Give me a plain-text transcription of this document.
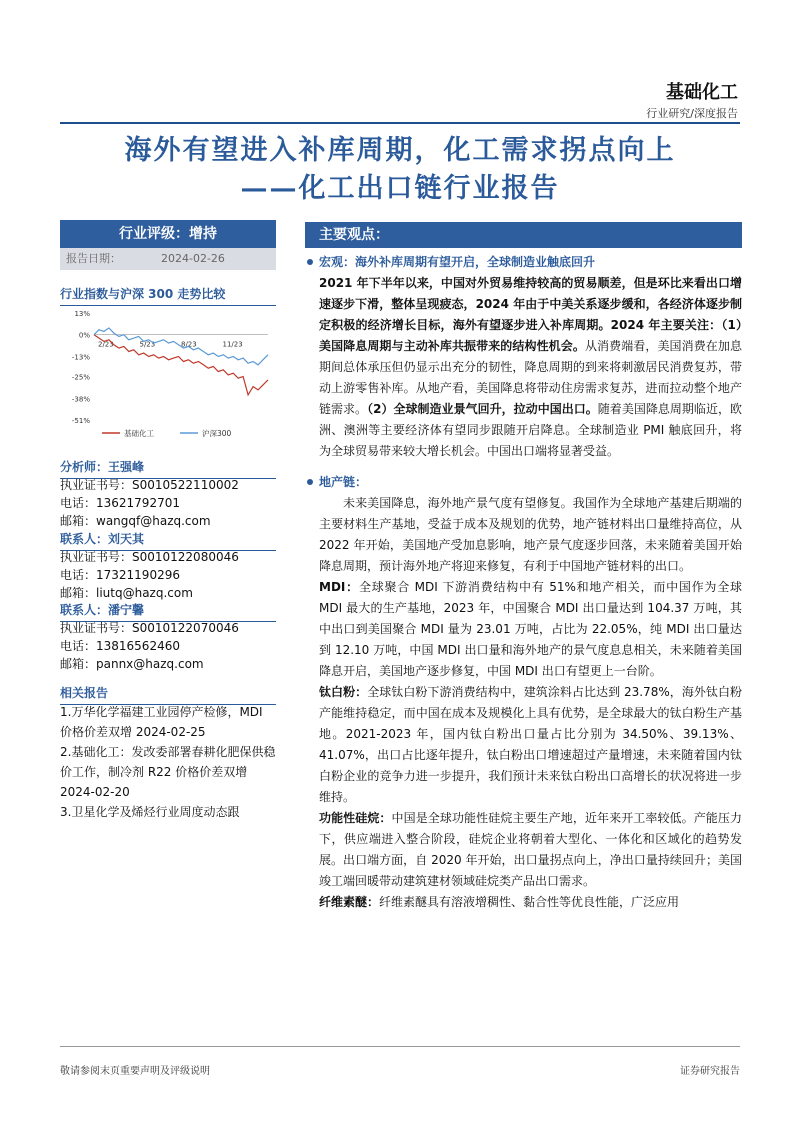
基础化工
行业研究/深度报告
海外有望进入补库周期，化工需求拐点向上
——化工出口链行业报告
行业评级：增持
报告日期：	2024-02-26
行业指数与沪深 300 走势比较
13%
0%
-13%
-25%
-38%
-51%
2/23	5/23	8/23	11/23
基础化工	沪深300
分析师：王强峰
执业证书号：S0010522110002
电话：13621792701
邮箱：wangqf@hazq.com
联系人：刘天其
执业证书号：S0010122080046
电话：17321190296
邮箱：liutq@hazq.com
联系人：潘宁馨
执业证书号：S0010122070046
电话：13816562460
邮箱：pannx@hazq.com
相关报告
1.万华化学福建工业园停产检修，MDI 价格价差双增 2024-02-25
2.基础化工：发改委部署春耕化肥保供稳价工作，制冷剂 R22 价格价差双增 2024-02-20
3.卫星化学及烯烃行业周度动态跟
主要观点：
宏观：海外补库周期有望开启，全球制造业触底回升
2021 年下半年以来，中国对外贸易维持较高的贸易顺差，但是环比来看出口增速逐步下滑，整体呈现疲态，2024 年由于中美关系逐步缓和，各经济体逐步制定积极的经济增长目标，海外有望逐步进入补库周期。2024 年主要关注：（1）美国降息周期与主动补库共振带来的结构性机会。从消费端看，美国消费在加息期间总体承压但仍显示出充分的韧性，降息周期的到来将刺激居民消费复苏，带动上游零售补库。从地产看，美国降息将带动住房需求复苏，进而拉动整个地产链需求。（2）全球制造业景气回升，拉动中国出口。随着美国降息周期临近，欧洲、澳洲等主要经济体有望同步跟随开启降息。全球制造业 PMI 触底回升，将为全球贸易带来较大增长机会。中国出口端将显著受益。
地产链：
未来美国降息，海外地产景气度有望修复。我国作为全球地产基建后期端的主要材料生产基地，受益于成本及规划的优势，地产链材料出口量维持高位，从 2022 年开始，美国地产受加息影响，地产景气度逐步回落，未来随着美国开始降息周期，预计海外地产将迎来修复，有利于中国地产链材料的出口。
MDI：全球聚合 MDI 下游消费结构中有 51%和地产相关，而中国作为全球 MDI 最大的生产基地，2023 年，中国聚合 MDI 出口量达到 104.37 万吨，其中出口到美国聚合 MDI 量为 23.01 万吨，占比为 22.05%，纯 MDI 出口量达到 12.10 万吨，中国 MDI 出口量和海外地产的景气度息息相关，未来随着美国降息开启，美国地产逐步修复，中国 MDI 出口有望更上一台阶。
钛白粉：全球钛白粉下游消费结构中，建筑涂料占比达到 23.78%，海外钛白粉产能维持稳定，而中国在成本及规模化上具有优势，是全球最大的钛白粉生产基地。2021-2023 年，国内钛白粉出口量占比分别为 34.50%、39.13%、41.07%，出口占比逐年提升，钛白粉出口增速超过产量增速，未来随着国内钛白粉企业的竞争力进一步提升，我们预计未来钛白粉出口高增长的状况将进一步维持。
功能性硅烷：中国是全球功能性硅烷主要生产地，近年来开工率较低。产能压力下，供应端进入整合阶段，硅烷企业将朝着大型化、一体化和区域化的趋势发展。出口端方面，自 2020 年开始，出口量拐点向上，净出口量持续回升；美国竣工端回暖带动建筑建材领域硅烷类产品出口需求。
纤维素醚：纤维素醚具有溶液增稠性、黏合性等优良性能，广泛应用
敬请参阅末页重要声明及评级说明	证券研究报告
